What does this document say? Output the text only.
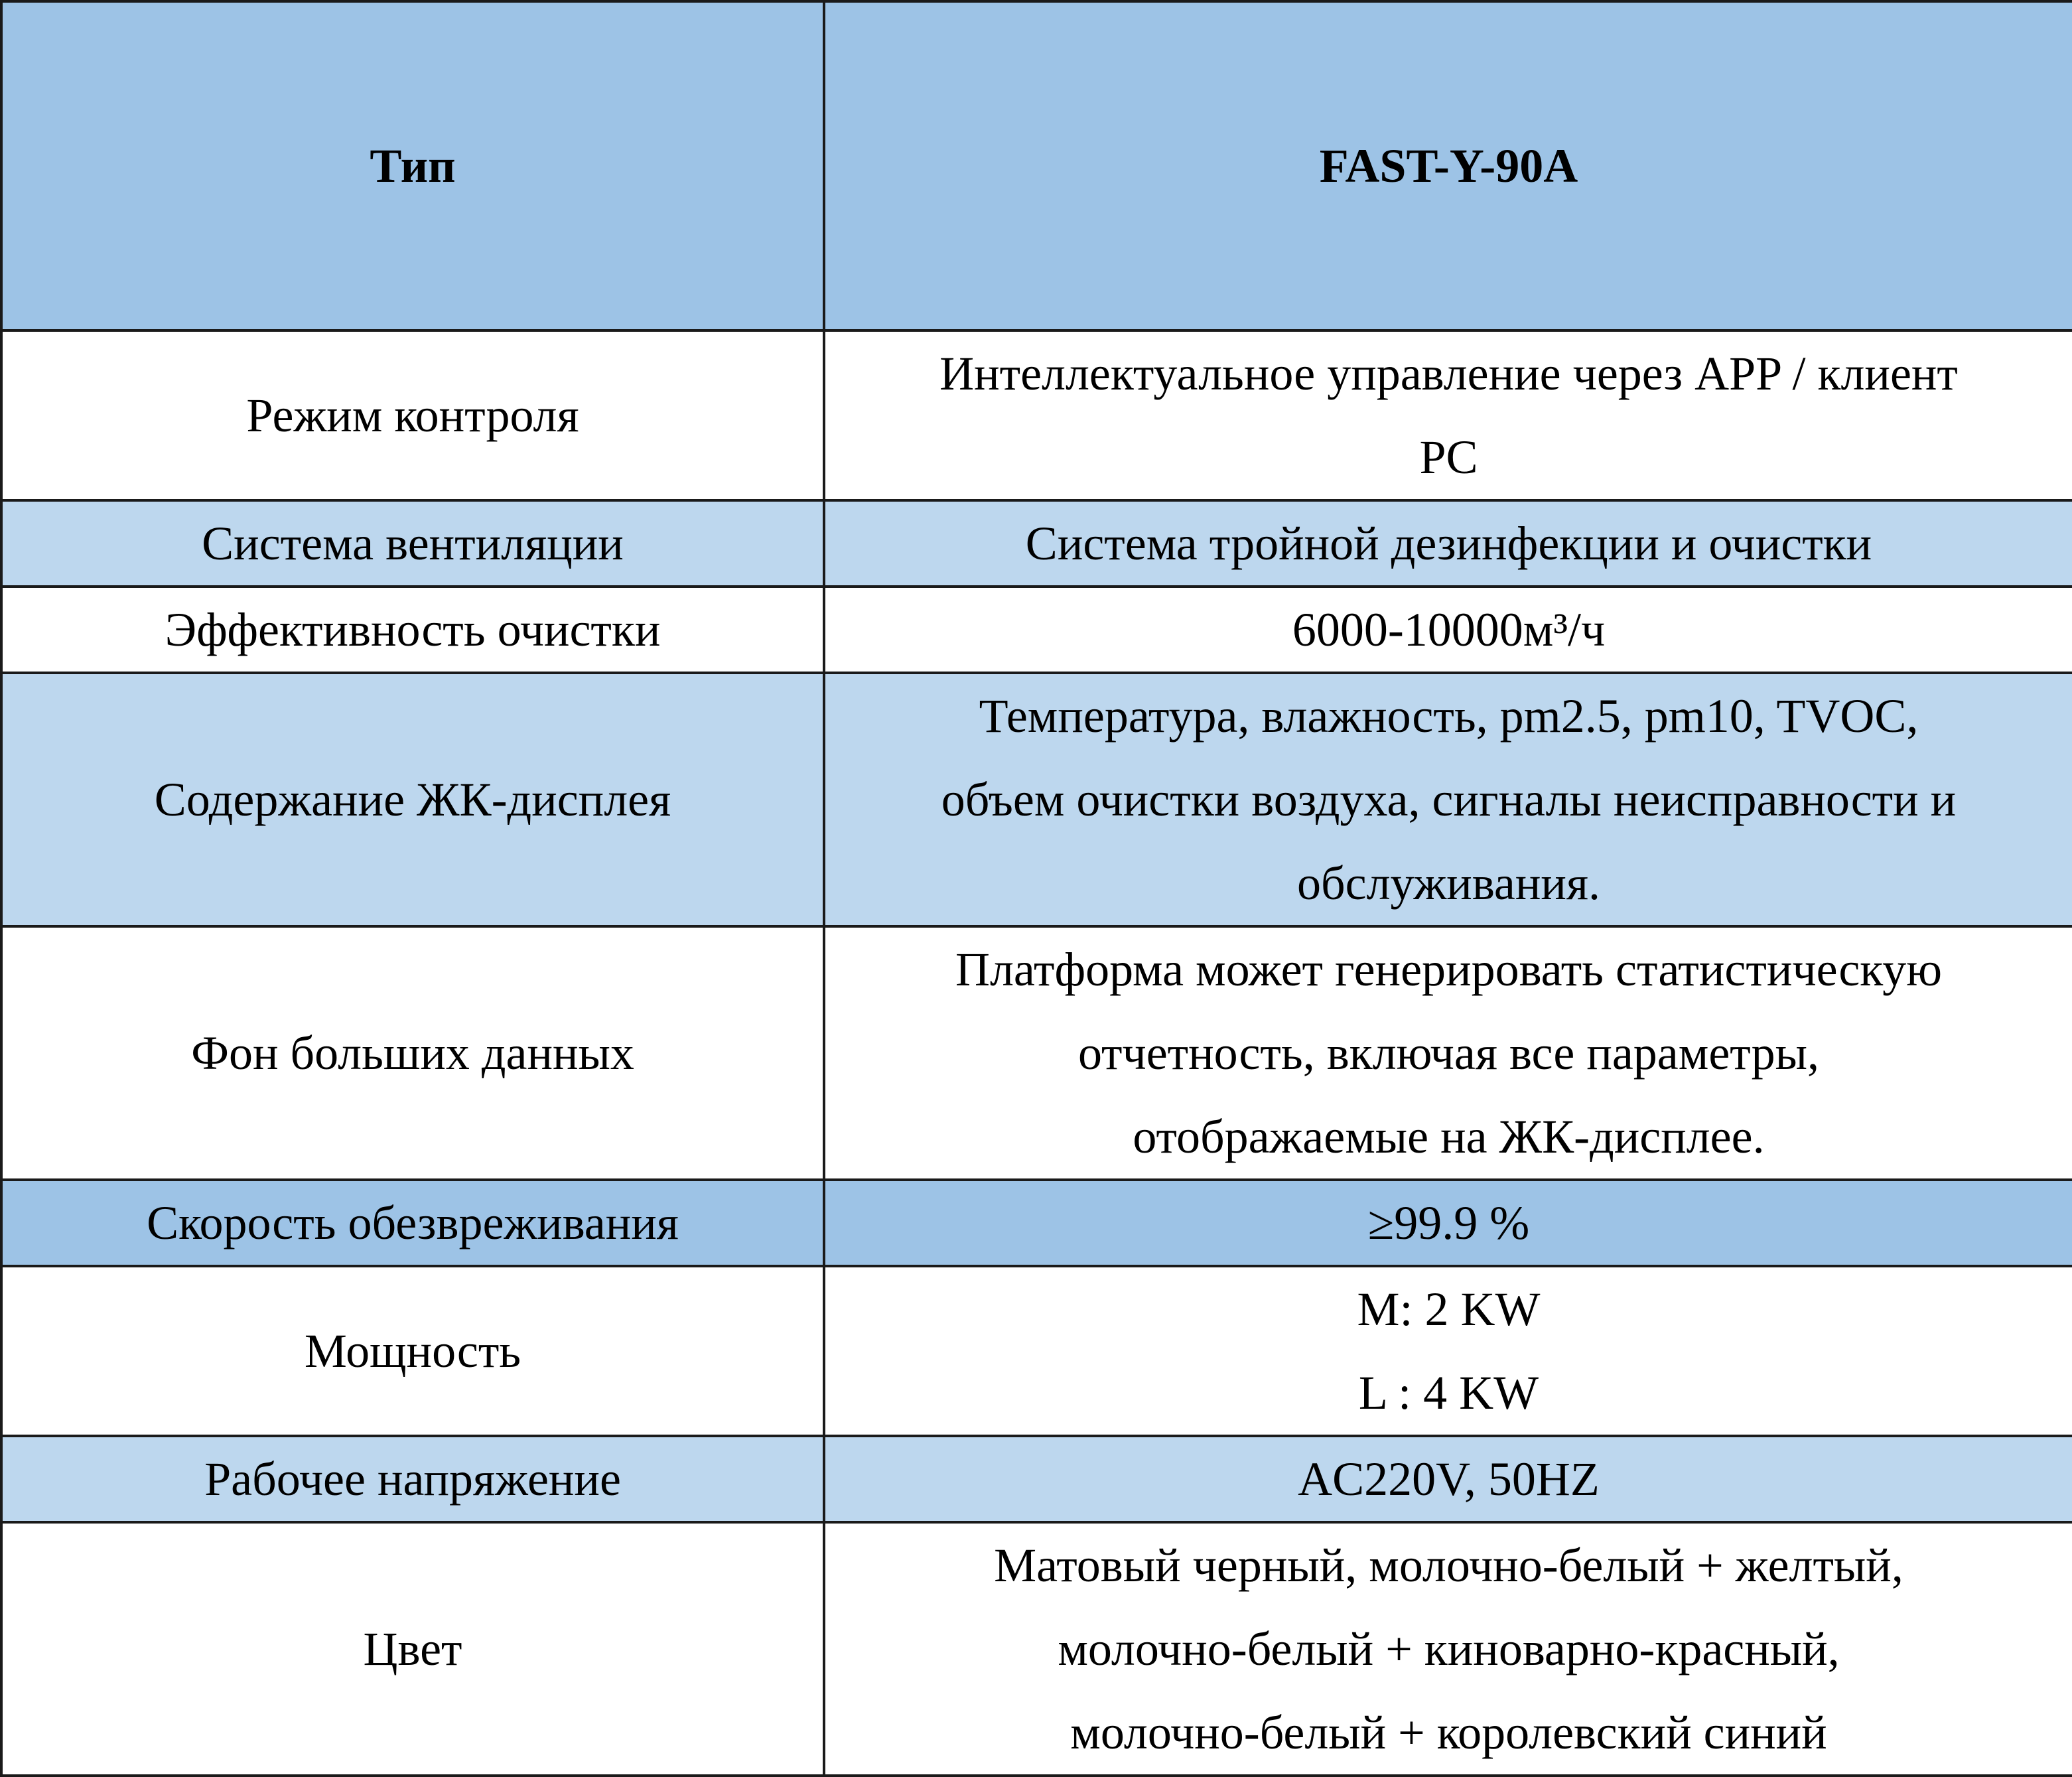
Тип	FAST-Y-90A
Режим контроля	Интеллектуальное управление через APP / клиент
PC

Система вентиляции	Система тройной дезинфекции и очистки

Эффективность очистки	6000-10000м³/ч

Содержание ЖК-дисплея	Температура, влажность, pm2.5, pm10, TVOC,
объем очистки воздуха, сигналы неисправности и
обслуживания.

Фон больших данных	Платформа может генерировать статистическую
отчетность, включая все параметры,
отображаемые на ЖК-дисплее.

Скорость обезвреживания	≥99.9 %

Мощность	M: 2 KW
L : 4 KW

Рабочее напряжение	AC220V, 50HZ

Цвет	Матовый черный, молочно-белый + желтый,
молочно-белый + киноварно-красный,
молочно-белый + королевский синий
